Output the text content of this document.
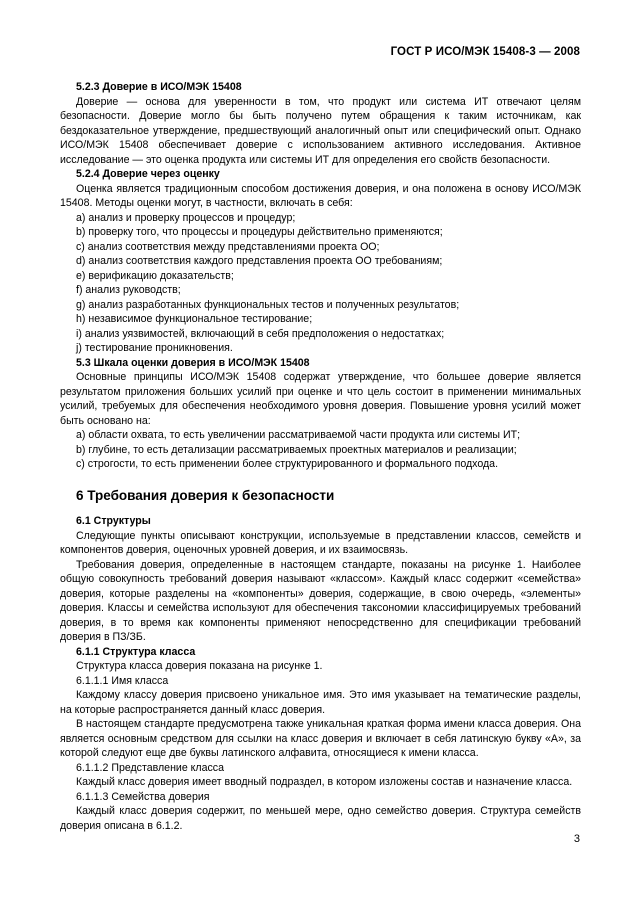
ГОСТ Р ИСО/МЭК 15408-3 — 2008

5.2.3 Доверие в ИСО/МЭК 15408

Доверие — основа для уверенности в том, что продукт или система ИТ отвечают целям безопасности. Доверие могло бы быть получено путем обращения к таким источникам, как бездоказательное утверждение, предшествующий аналогичный опыт или специфический опыт. Однако ИСО/МЭК 15408 обеспечивает доверие с использованием активного исследования. Активное исследование — это оценка продукта или системы ИТ для определения его свойств безопасности.

5.2.4 Доверие через оценку

Оценка является традиционным способом достижения доверия, и она положена в основу ИСО/МЭК 15408. Методы оценки могут, в частности, включать в себя:

a) анализ и проверку процессов и процедур;

b) проверку того, что процессы и процедуры действительно применяются;

c) анализ соответствия между представлениями проекта ОО;

d) анализ соответствия каждого представления проекта ОО требованиям;

e) верификацию доказательств;

f) анализ руководств;

g) анализ разработанных функциональных тестов и полученных результатов;

h) независимое функциональное тестирование;

i) анализ уязвимостей, включающий в себя предположения о недостатках;

j) тестирование проникновения.

5.3 Шкала оценки доверия в ИСО/МЭК 15408

Основные принципы ИСО/МЭК 15408 содержат утверждение, что большее доверие является результатом приложения больших усилий при оценке и что цель состоит в применении минимальных усилий, требуемых для обеспечения необходимого уровня доверия. Повышение уровня усилий может быть основано на:

a) области охвата, то есть увеличении рассматриваемой части продукта или системы ИТ;

b) глубине, то есть детализации рассматриваемых проектных материалов и реализации;

c) строгости, то есть применении более структурированного и формального подхода.

6 Требования доверия к безопасности

6.1 Структуры

Следующие пункты описывают конструкции, используемые в представлении классов, семейств и компонентов доверия, оценочных уровней доверия, и их взаимосвязь.

Требования доверия, определенные в настоящем стандарте, показаны на рисунке 1. Наиболее общую совокупность требований доверия называют «классом». Каждый класс содержит «семейства» доверия, которые разделены на «компоненты» доверия, содержащие, в свою очередь, «элементы» доверия. Классы и семейства используют для обеспечения таксономии классифицируемых требований доверия, в то время как компоненты применяют непосредственно для спецификации требований доверия в ПЗ/ЗБ.

6.1.1 Структура класса

Структура класса доверия показана на рисунке 1.

6.1.1.1 Имя класса

Каждому классу доверия присвоено уникальное имя. Это имя указывает на тематические разделы, на которые распространяется данный класс доверия.

В настоящем стандарте предусмотрена также уникальная краткая форма имени класса доверия. Она является основным средством для ссылки на класс доверия и включает в себя латинскую букву «А», за которой следуют еще две буквы латинского алфавита, относящиеся к имени класса.

6.1.1.2 Представление класса

Каждый класс доверия имеет вводный подраздел, в котором изложены состав и назначение класса.

6.1.1.3 Семейства доверия

Каждый класс доверия содержит, по меньшей мере, одно семейство доверия. Структура семейств доверия описана в 6.1.2.

3
